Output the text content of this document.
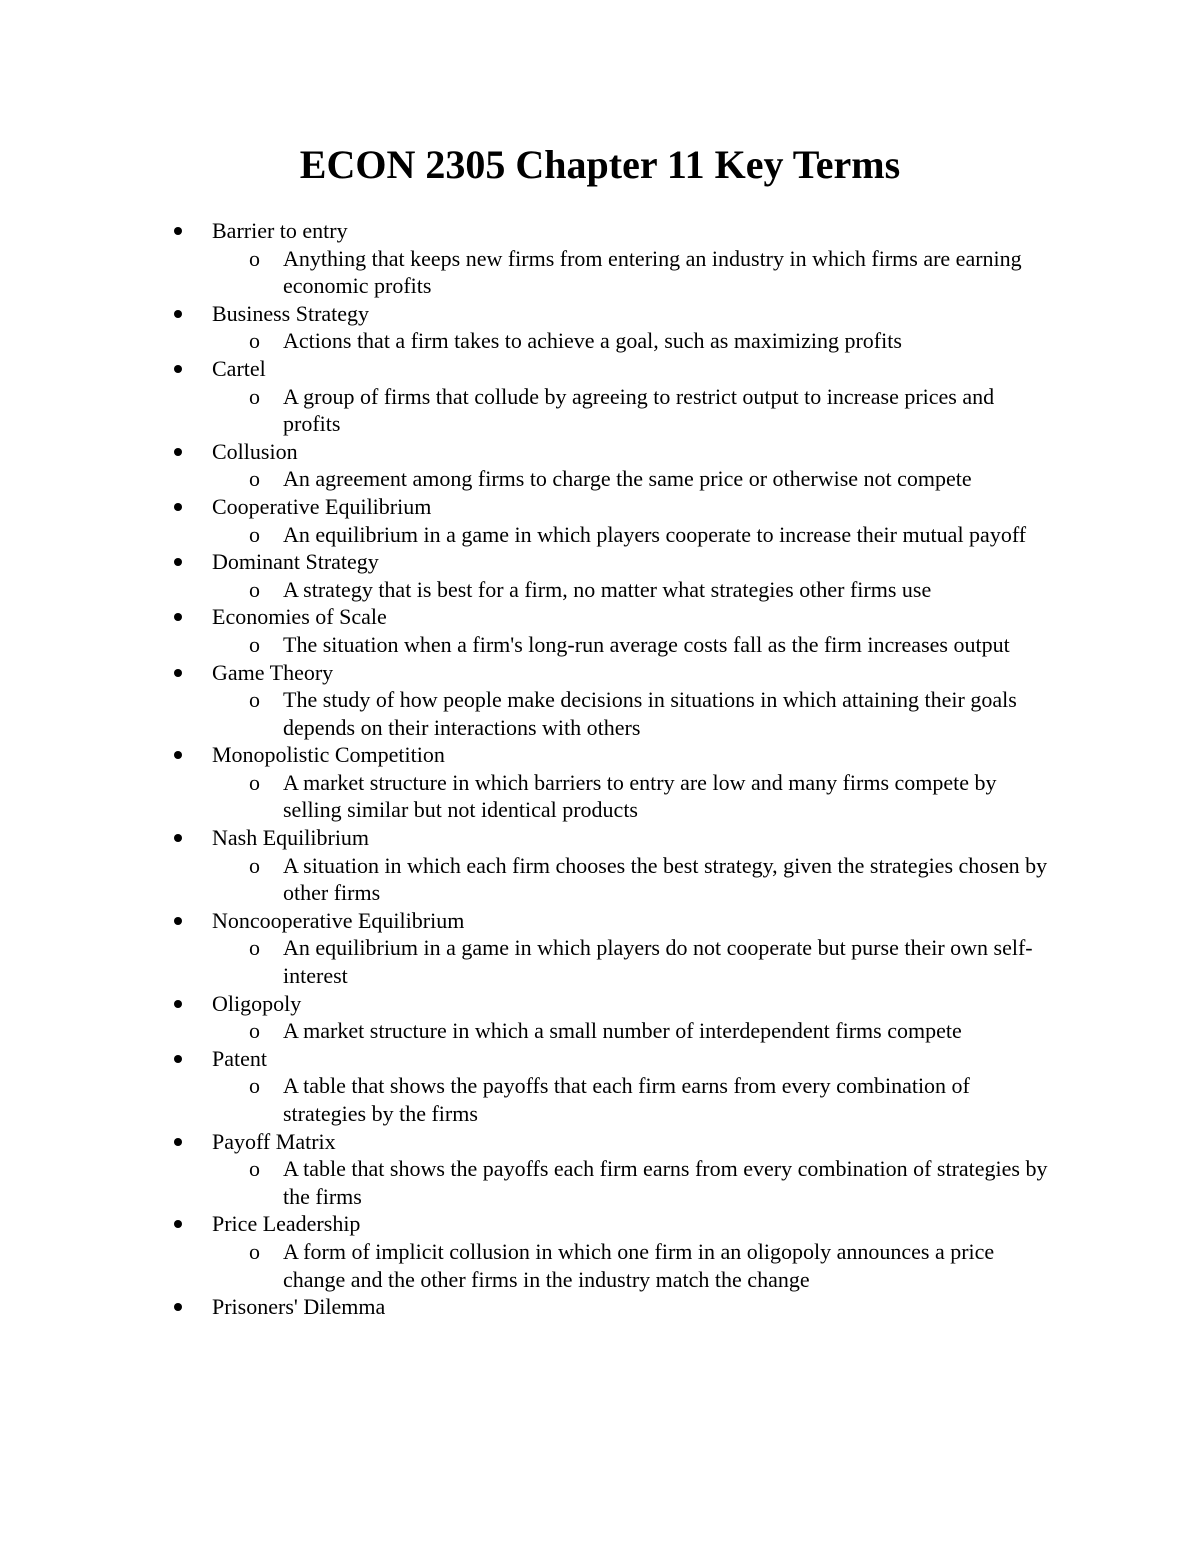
ECON 2305 Chapter 11 Key Terms
Barrier to entry
o Anything that keeps new firms from entering an industry in which firms are earning economic profits
Business Strategy
o Actions that a firm takes to achieve a goal, such as maximizing profits
Cartel
o A group of firms that collude by agreeing to restrict output to increase prices and profits
Collusion
o An agreement among firms to charge the same price or otherwise not compete
Cooperative Equilibrium
o An equilibrium in a game in which players cooperate to increase their mutual payoff
Dominant Strategy
o A strategy that is best for a firm, no matter what strategies other firms use
Economies of Scale
o The situation when a firm's long-run average costs fall as the firm increases output
Game Theory
o The study of how people make decisions in situations in which attaining their goals depends on their interactions with others
Monopolistic Competition
o A market structure in which barriers to entry are low and many firms compete by selling similar but not identical products
Nash Equilibrium
o A situation in which each firm chooses the best strategy, given the strategies chosen by other firms
Noncooperative Equilibrium
o An equilibrium in a game in which players do not cooperate but purse their own self-interest
Oligopoly
o A market structure in which a small number of interdependent firms compete
Patent
o A table that shows the payoffs that each firm earns from every combination of strategies by the firms
Payoff Matrix
o A table that shows the payoffs each firm earns from every combination of strategies by the firms
Price Leadership
o A form of implicit collusion in which one firm in an oligopoly announces a price change and the other firms in the industry match the change
Prisoners' Dilemma
